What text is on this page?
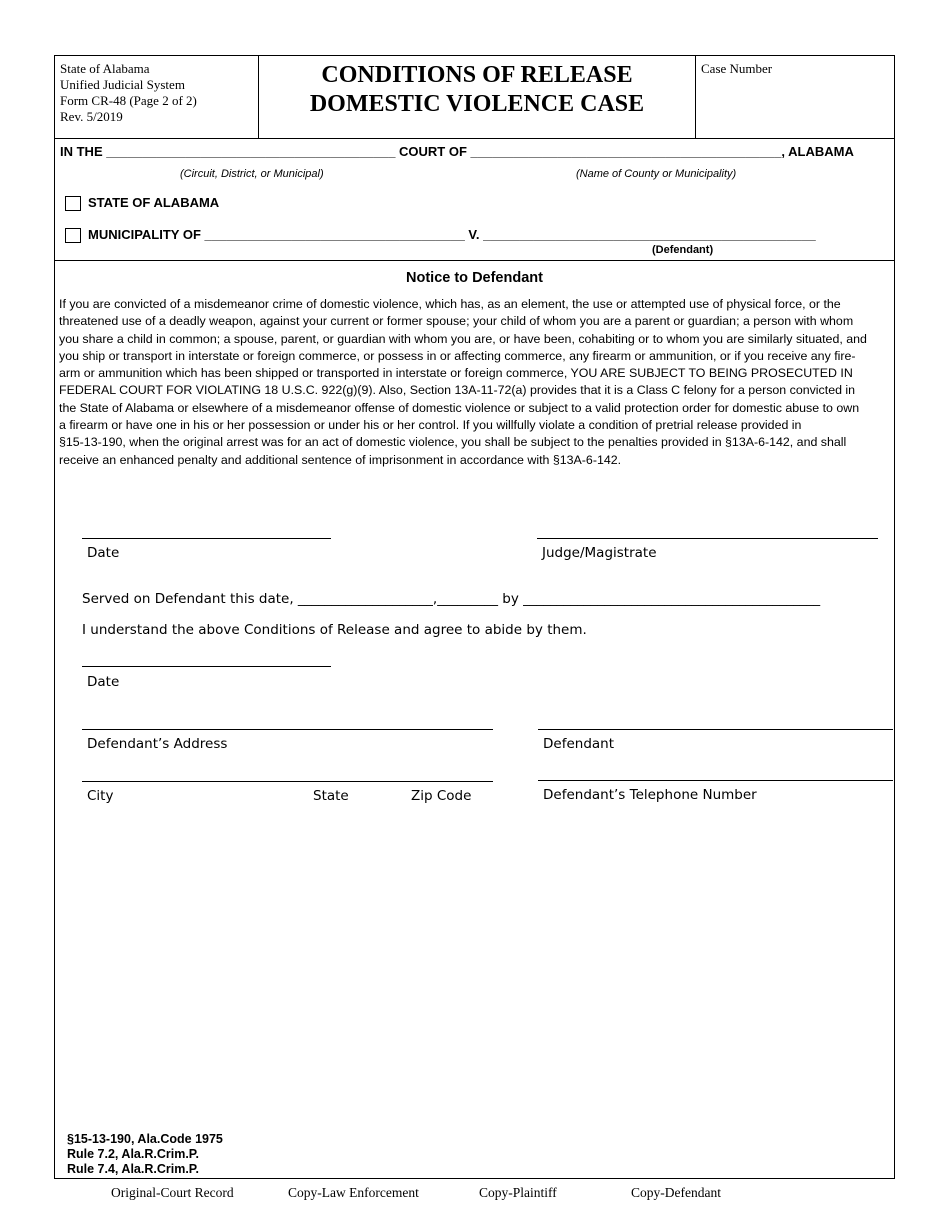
State of Alabama
Unified Judicial System
Form CR-48 (Page 2 of 2)
Rev. 5/2019
CONDITIONS OF RELEASE
DOMESTIC VIOLENCE CASE
Case Number
IN THE ________________________________________ COURT OF ___________________________________________, ALABAMA
(Circuit, District, or Municipal)	(Name of County or Municipality)
STATE OF ALABAMA
MUNICIPALITY OF ____________________________________ V. ______________________________________________
(Defendant)
Notice to Defendant

If you are convicted of a misdemeanor crime of domestic violence, which has, as an element, the use or attempted use of physical force, or the

threatened use of a deadly weapon, against your current or former spouse; your child of whom you are a parent or guardian; a person with whom

you share a child in common; a spouse, parent, or guardian with whom you are, or have been, cohabiting or to whom you are similarly situated, and

you ship or transport in interstate or foreign commerce, or possess in or affecting commerce, any firearm or ammunition, or if you receive any fire-

arm or ammunition which has been shipped or transported in interstate or foreign commerce, YOU ARE SUBJECT TO BEING PROSECUTED IN

FEDERAL COURT FOR VIOLATING 18 U.S.C. 922(g)(9). Also, Section 13A-11-72(a) provides that it is a Class C felony for a person convicted in

the State of Alabama or elsewhere of a misdemeanor offense of domestic violence or subject to a valid protection order for domestic abuse to own

a firearm or have one in his or her possession or under his or her control. If you willfully violate a condition of pretrial release provided in

§15-13-190, when the original arrest was for an act of domestic violence, you shall be subject to the penalties provided in §13A-6-142, and shall

receive an enhanced penalty and additional sentence of imprisonment in accordance with §13A-6-142.

Date	Judge/Magistrate
Served on Defendant this date, ____________________,_________ by ____________________________________________
I understand the above Conditions of Release and agree to abide by them.
Date
Defendant’s Address	Defendant
City	State	Zip Code	Defendant’s Telephone Number
§15-13-190, Ala.Code 1975
Rule 7.2, Ala.R.Crim.P.
Rule 7.4, Ala.R.Crim.P.
Original-Court Record	Copy-Law Enforcement	Copy-Plaintiff	Copy-Defendant
